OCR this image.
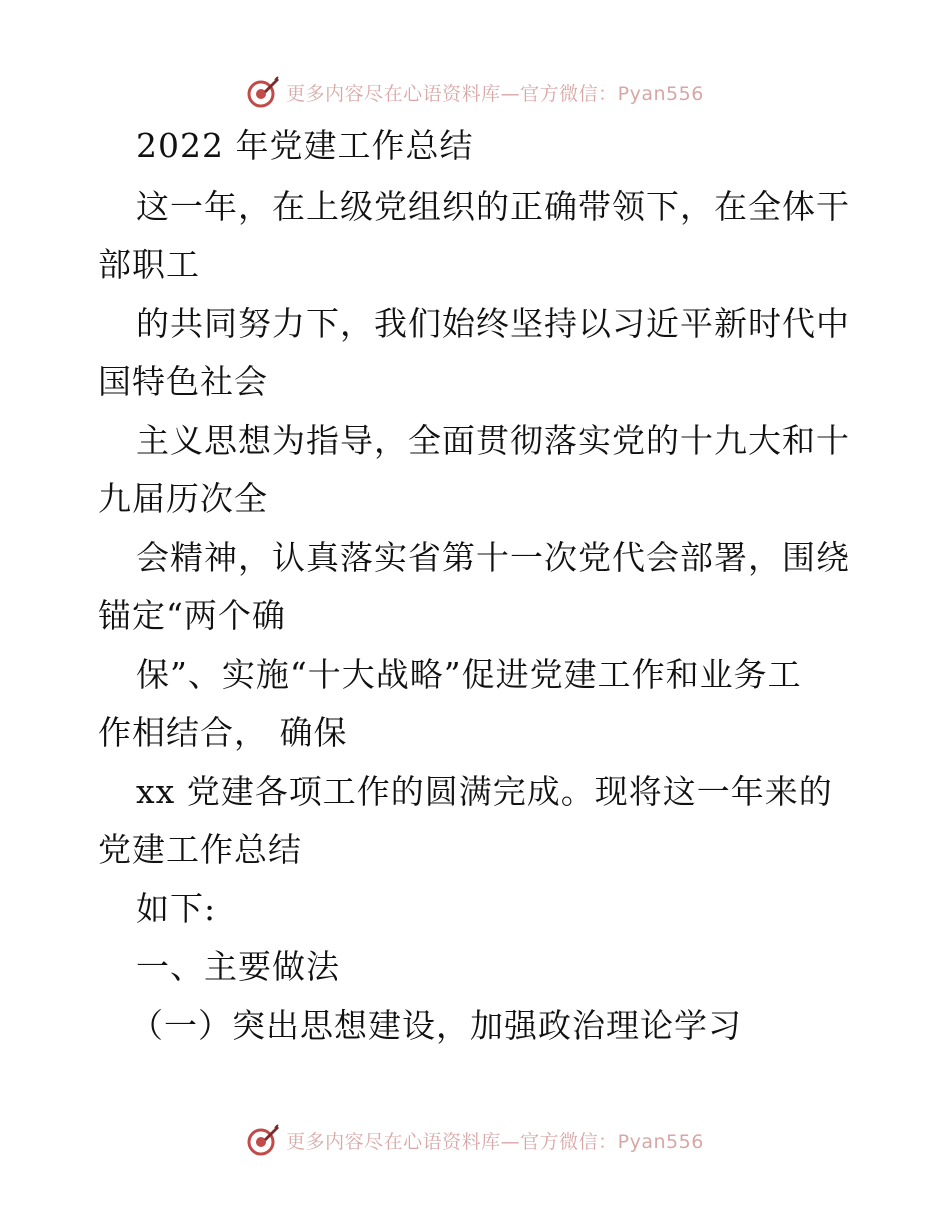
更多内容尽在心语资料库—官方微信：Pyan556
2022 年党建工作总结
这一年，在上级党组织的正确带领下，在全体干
部职工
的共同努力下，我们始终坚持以习近平新时代中
国特色社会
主义思想为指导，全面贯彻落实党的十九大和十
九届历次全
会精神，认真落实省第十一次党代会部署，围绕
锚定“两个确
保”、实施“十大战略”促进党建工作和业务工
作相结合， 确保
xx 党建各项工作的圆满完成。现将这一年来的
党建工作总结
如下:
一、主要做法
（一）突出思想建设，加强政治理论学习
更多内容尽在心语资料库—官方微信：Pyan556
